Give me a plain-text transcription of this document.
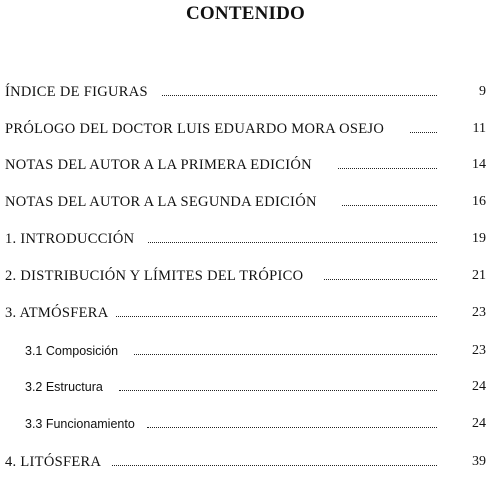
CONTENIDO
ÍNDICE DE FIGURAS	9
PRÓLOGO DEL DOCTOR LUIS EDUARDO MORA OSEJO	11
NOTAS DEL AUTOR A LA PRIMERA EDICIÓN	14
NOTAS DEL AUTOR A LA SEGUNDA EDICIÓN	16
1. INTRODUCCIÓN	19
2. DISTRIBUCIÓN Y LÍMITES DEL TRÓPICO	21
3. ATMÓSFERA	23
3.1 Composición	23
3.2 Estructura	24
3.3 Funcionamiento	24
4. LITÓSFERA	39
